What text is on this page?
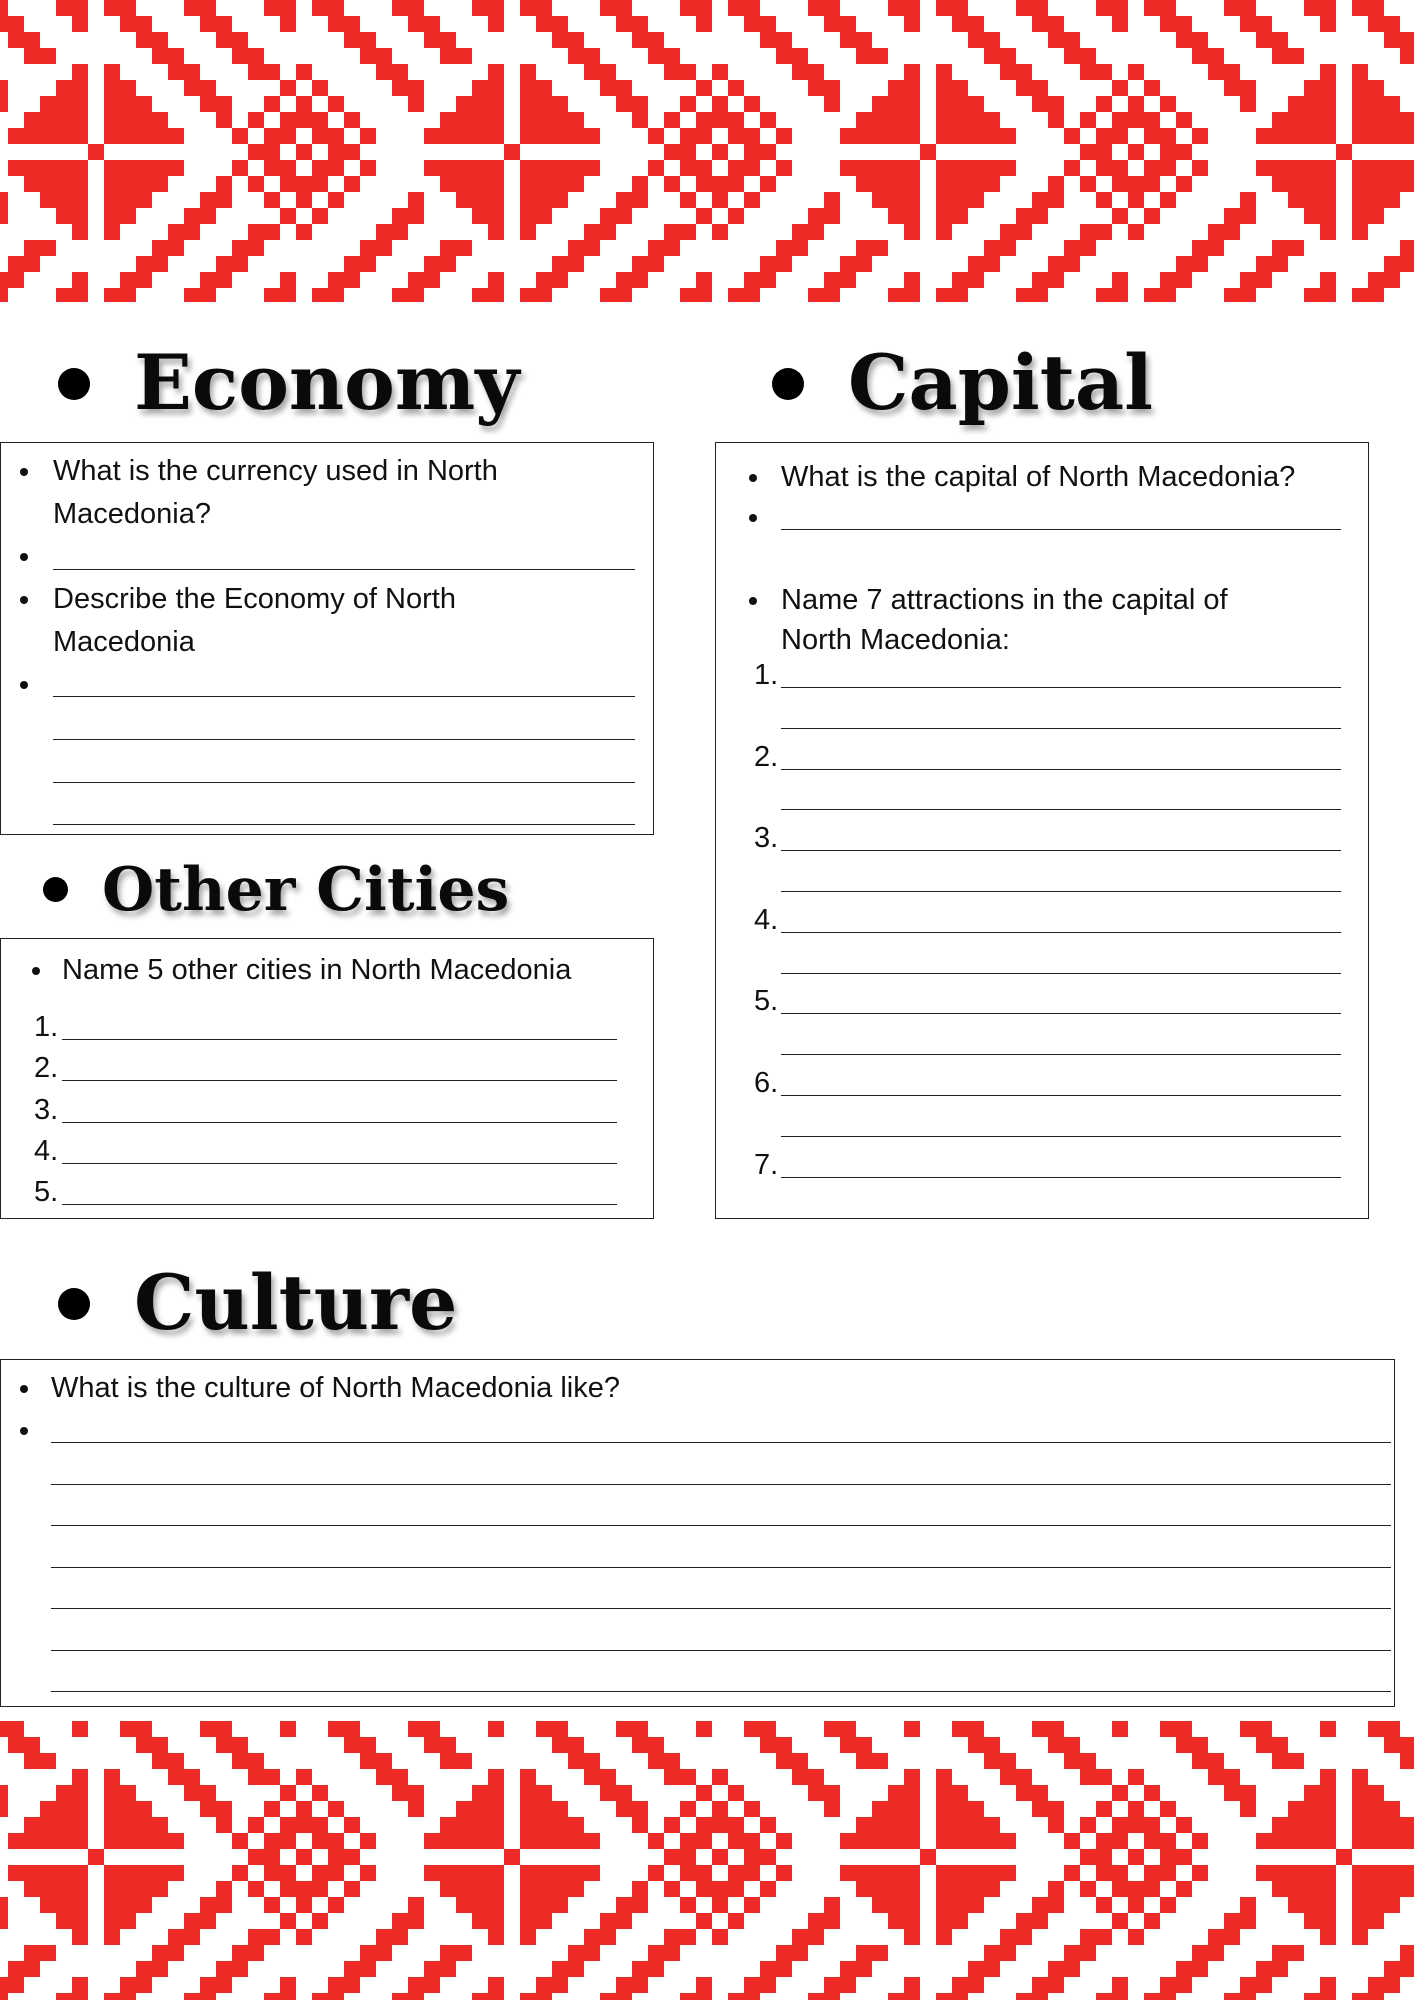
Economy
What is the currency used in North
Macedonia?
Describe the Economy of North
Macedonia
Capital
What is the capital of North Macedonia?
Name 7 attractions in the capital of
North Macedonia:
1.
2.
3.
4.
5.
6.
7.
Other Cities
Name 5 other cities in North Macedonia
1.
2.
3.
4.
5.
Culture
What is the culture of North Macedonia like?
